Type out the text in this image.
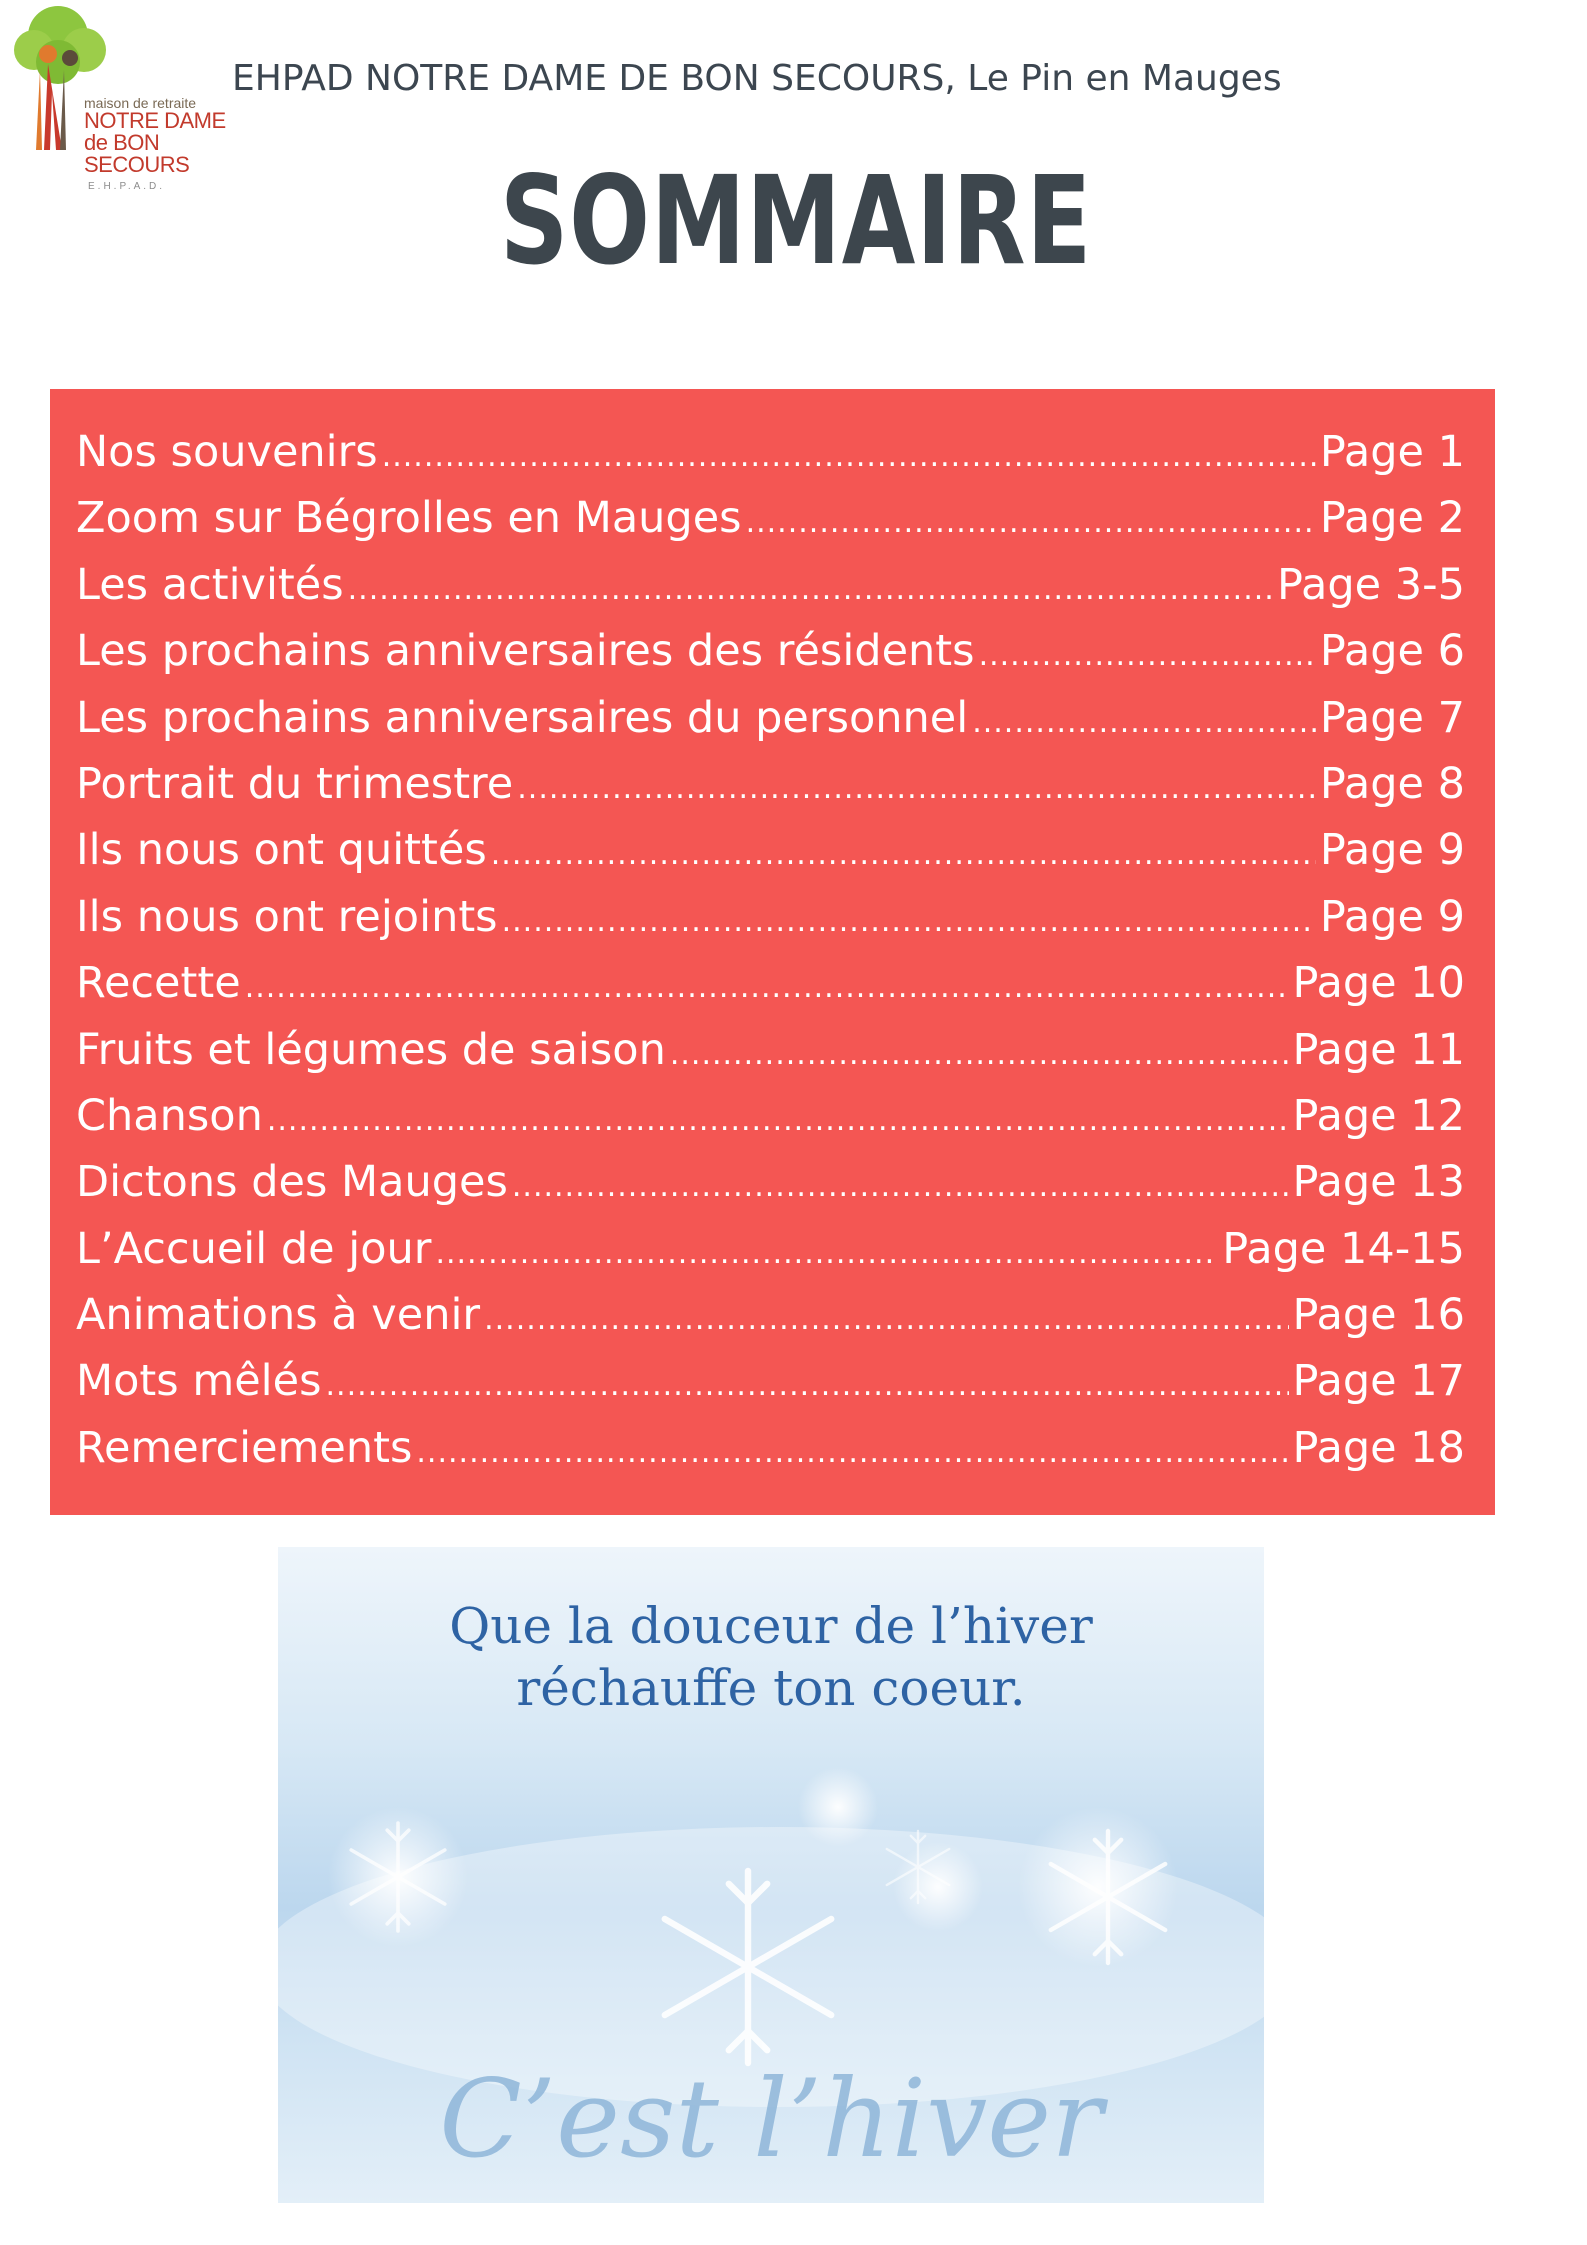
maison de retraite
NOTRE DAME
de BON SECOURS
E.H.P.A.D.
EHPAD NOTRE DAME DE BON SECOURS, Le Pin en Mauges
SOMMAIRE
Nos souvenirs .....	Page 1
Zoom sur Bégrolles en Mauges .....	Page 2
Les activités .....	Page 3-5
Les prochains anniversaires des résidents .....	Page 6
Les prochains anniversaires du personnel .....	Page 7
Portrait du trimestre .....	Page 8
Ils nous ont quittés .....	Page 9
Ils nous ont rejoints .....	Page 9
Recette .....	Page 10
Fruits et légumes de saison .....	Page 11
Chanson .....	Page 12
Dictons des Mauges .....	Page 13
L’Accueil de jour .....	Page 14-15
Animations à venir .....	Page 16
Mots mêlés .....	Page 17
Remerciements .....	Page 18
Que la douceur de l’hiver
réchauffe ton coeur.
C’est l’hiver
